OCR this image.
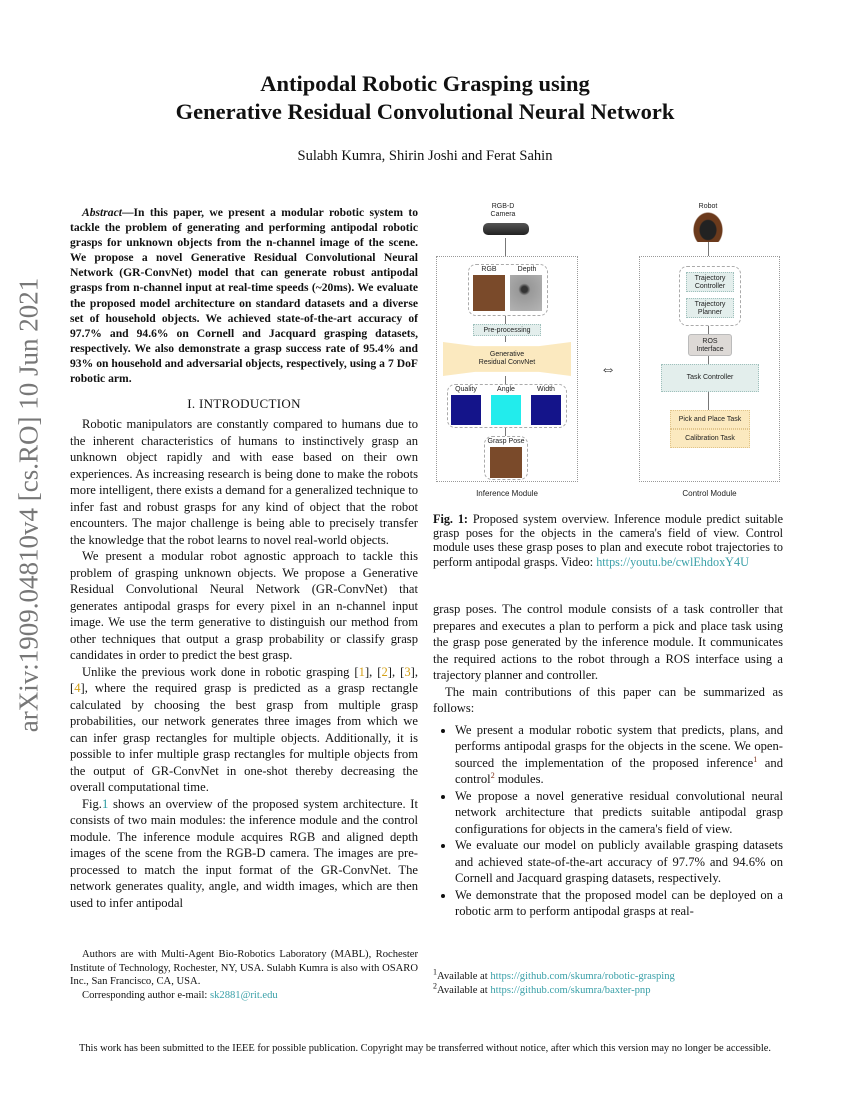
Antipodal Robotic Grasping using
Generative Residual Convolutional Neural Network
Sulabh Kumra, Shirin Joshi and Ferat Sahin
arXiv:1909.04810v4 [cs.RO] 10 Jun 2021

Abstract—In this paper, we present a modular robotic system to tackle the problem of generating and performing antipodal robotic grasps for unknown objects from the n-channel image of the scene. We propose a novel Generative Residual Convolutional Neural Network (GR-ConvNet) model that can generate robust antipodal grasps from n-channel input at real-time speeds (~20ms). We evaluate the proposed model architecture on standard datasets and a diverse set of household objects. We achieved state-of-the-art accuracy of 97.7% and 94.6% on Cornell and Jacquard grasping datasets, respectively. We also demonstrate a grasp success rate of 95.4% and 93% on household and adversarial objects, respectively, using a 7 DoF robotic arm.

I. INTRODUCTION

Robotic manipulators are constantly compared to humans due to the inherent characteristics of humans to instinctively grasp an unknown object rapidly and with ease based on their own experiences. As increasing research is being done to make the robots more intelligent, there exists a demand for a generalized technique to infer fast and robust grasps for any kind of object that the robot encounters. The major challenge is being able to precisely transfer the knowledge that the robot learns to novel real-world objects.

We present a modular robot agnostic approach to tackle this problem of grasping unknown objects. We propose a Generative Residual Convolutional Neural Network (GR-ConvNet) that generates antipodal grasps for every pixel in an n-channel input image. We use the term generative to distinguish our method from other techniques that output a grasp probability or classify grasp candidates in order to predict the best grasp.

Unlike the previous work done in robotic grasping [1], [2], [3], [4], where the required grasp is predicted as a grasp rectangle calculated by choosing the best grasp from multiple grasp probabilities, our network generates three images from which we can infer grasp rectangles for multiple objects. Additionally, it is possible to infer multiple grasp rectangles for multiple objects from the output of GR-ConvNet in one-shot thereby decreasing the overall computational time.

Fig.1 shows an overview of the proposed system architecture. It consists of two main modules: the inference module and the control module. The inference module acquires RGB and aligned depth images of the scene from the RGB-D camera. The images are pre-processed to match the input format of the GR-ConvNet. The network generates quality, angle, and width images, which are then used to infer antipodal

Authors are with Multi-Agent Bio-Robotics Laboratory (MABL), Rochester Institute of Technology, Rochester, NY, USA. Sulabh Kumra is also with OSARO Inc., San Francisco, CA, USA.

Corresponding author e-mail: sk2881@rit.edu

RGB-D
Camera
RGB	Depth
Pre-processing
Generative
Residual ConvNet
Quality	Angle	Width
Grasp Pose
Inference Module
⇔
Robot
Trajectory
Controller
Trajectory
Planner
ROS
Interface
Task Controller
Pick and Place Task
Calibration Task
Control Module
Fig. 1: Proposed system overview. Inference module predict suitable grasp poses for the objects in the camera's field of view. Control module uses these grasp poses to plan and execute robot trajectories to perform antipodal grasps. Video: https://youtu.be/cwlEhdoxY4U

grasp poses. The control module consists of a task controller that prepares and executes a plan to perform a pick and place task using the grasp pose generated by the inference module. It communicates the required actions to the robot through a ROS interface using a trajectory planner and controller.

The main contributions of this paper can be summarized as follows:

• We present a modular robotic system that predicts, plans, and performs antipodal grasps for the objects in the scene. We open-sourced the implementation of the proposed inference$^1$ and control$^2$ modules.
• We propose a novel generative residual convolutional neural network architecture that predicts suitable antipodal grasp configurations for objects in the camera's field of view.
• We evaluate our model on publicly available grasping datasets and achieved state-of-the-art accuracy of 97.7% and 94.6% on Cornell and Jacquard grasping datasets, respectively.
• We demonstrate that the proposed model can be deployed on a robotic arm to perform antipodal grasps at real-
$^1$Available at https://github.com/skumra/robotic-grasping
$^2$Available at https://github.com/skumra/baxter-pnp
This work has been submitted to the IEEE for possible publication. Copyright may be transferred without notice, after which this version may no longer be accessible.
